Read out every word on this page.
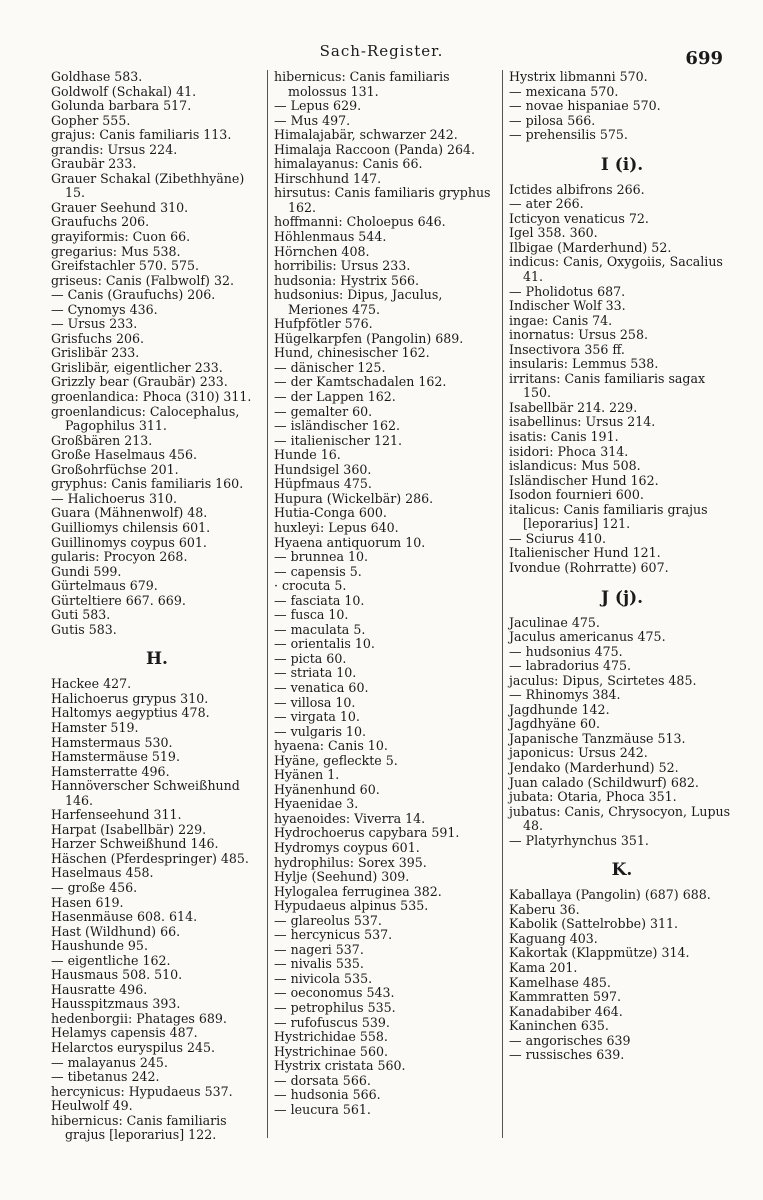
Sach-Register.	699
Goldhase 583.
Goldwolf (Schakal) 41.
Golunda barbara 517.
Gopher 555.
grajus: Canis familiaris 113.
grandis: Ursus 224.
Graubär 233.
Grauer Schakal (Zibethhyäne) 15.
Grauer Seehund 310.
Graufuchs 206.
grayiformis: Cuon 66.
gregarius: Mus 538.
Greifstachler 570. 575.
griseus: Canis (Falbwolf) 32.
— Canis (Graufuchs) 206.
— Cynomys 436.
— Ursus 233.
Grisfuchs 206.
Grislibär 233.
Grislibär, eigentlicher 233.
Grizzly bear (Graubär) 233.
groenlandica: Phoca (310) 311.
groenlandicus: Calocephalus, Pagophilus 311.
Großbären 213.
Große Haselmaus 456.
Großohrfüchse 201.
gryphus: Canis familiaris 160.
— Halichoerus 310.
Guara (Mähnenwolf) 48.
Guilliomys chilensis 601.
Guillinomys coypus 601.
gularis: Procyon 268.
Gundi 599.
Gürtelmaus 679.
Gürteltiere 667. 669.
Guti 583.
Gutis 583.
H.
Hackee 427.
Halichoerus grypus 310.
Haltomys aegyptius 478.
Hamster 519.
Hamstermaus 530.
Hamstermäuse 519.
Hamsterratte 496.
Hannöverscher Schweißhund 146.
Harfenseehund 311.
Harpat (Isabellbär) 229.
Harzer Schweißhund 146.
Häschen (Pferdespringer) 485.
Haselmaus 458.
— große 456.
Hasen 619.
Hasenmäuse 608. 614.
Hast (Wildhund) 66.
Haushunde 95.
— eigentliche 162.
Hausmaus 508. 510.
Hausratte 496.
Hausspitzmaus 393.
hedenborgii: Phatages 689.
Helamys capensis 487.
Helarctos euryspilus 245.
— malayanus 245.
— tibetanus 242.
hercynicus: Hypudaeus 537.
Heulwolf 49.
hibernicus: Canis familiaris grajus [leporarius] 122.
hibernicus: Canis familiaris molossus 131.
— Lepus 629.
— Mus 497.
Himalajabär, schwarzer 242.
Himalaja Raccoon (Panda) 264.
himalayanus: Canis 66.
Hirschhund 147.
hirsutus: Canis familiaris gryphus 162.
hoffmanni: Choloepus 646.
Höhlenmaus 544.
Hörnchen 408.
horribilis: Ursus 233.
hudsonia: Hystrix 566.
hudsonius: Dipus, Jaculus, Meriones 475.
Hufpfötler 576.
Hügelkarpfen (Pangolin) 689.
Hund, chinesischer 162.
— dänischer 125.
— der Kamtschadalen 162.
— der Lappen 162.
— gemalter 60.
— isländischer 162.
— italienischer 121.
Hunde 16.
Hundsigel 360.
Hüpfmaus 475.
Hupura (Wickelbär) 286.
Hutia-Conga 600.
huxleyi: Lepus 640.
Hyaena antiquorum 10.
— brunnea 10.
— capensis 5.
· crocuta 5.
— fasciata 10.
— fusca 10.
— maculata 5.
— orientalis 10.
— picta 60.
— striata 10.
— venatica 60.
— villosa 10.
— virgata 10.
— vulgaris 10.
hyaena: Canis 10.
Hyäne, gefleckte 5.
Hyänen 1.
Hyänenhund 60.
Hyaenidae 3.
hyaenoides: Viverra 14.
Hydrochoerus capybara 591.
Hydromys coypus 601.
hydrophilus: Sorex 395.
Hylje (Seehund) 309.
Hylogalea ferruginea 382.
Hypudaeus alpinus 535.
— glareolus 537.
— hercynicus 537.
— nageri 537.
— nivalis 535.
— nivicola 535.
— oeconomus 543.
— petrophilus 535.
— rufofuscus 539.
Hystrichidae 558.
Hystrichinae 560.
Hystrix cristata 560.
— dorsata 566.
— hudsonia 566.
— leucura 561.
Hystrix libmanni 570.
— mexicana 570.
— novae hispaniae 570.
— pilosa 566.
— prehensilis 575.
I (i).
Ictides albifrons 266.
— ater 266.
Icticyon venaticus 72.
Igel 358. 360.
Ilbigae (Marderhund) 52.
indicus: Canis, Oxygoiis, Sacalius 41.
— Pholidotus 687.
Indischer Wolf 33.
ingae: Canis 74.
inornatus: Ursus 258.
Insectivora 356 ff.
insularis: Lemmus 538.
irritans: Canis familiaris sagax 150.
Isabellbär 214. 229.
isabellinus: Ursus 214.
isatis: Canis 191.
isidori: Phoca 314.
islandicus: Mus 508.
Isländischer Hund 162.
Isodon fournieri 600.
italicus: Canis familiaris grajus [leporarius] 121.
— Sciurus 410.
Italienischer Hund 121.
Ivondue (Rohrratte) 607.
J (j).
Jaculinae 475.
Jaculus americanus 475.
— hudsonius 475.
— labradorius 475.
jaculus: Dipus, Scirtetes 485.
— Rhinomys 384.
Jagdhunde 142.
Jagdhyäne 60.
Japanische Tanzmäuse 513.
japonicus: Ursus 242.
Jendako (Marderhund) 52.
Juan calado (Schildwurf) 682.
jubata: Otaria, Phoca 351.
jubatus: Canis, Chrysocyon, Lupus 48.
— Platyrhynchus 351.
K.
Kaballaya (Pangolin) (687) 688.
Kaberu 36.
Kabolik (Sattelrobbe) 311.
Kaguang 403.
Kakortak (Klappmütze) 314.
Kama 201.
Kamelhase 485.
Kammratten 597.
Kanadabiber 464.
Kaninchen 635.
— angorisches 639
— russisches 639.
